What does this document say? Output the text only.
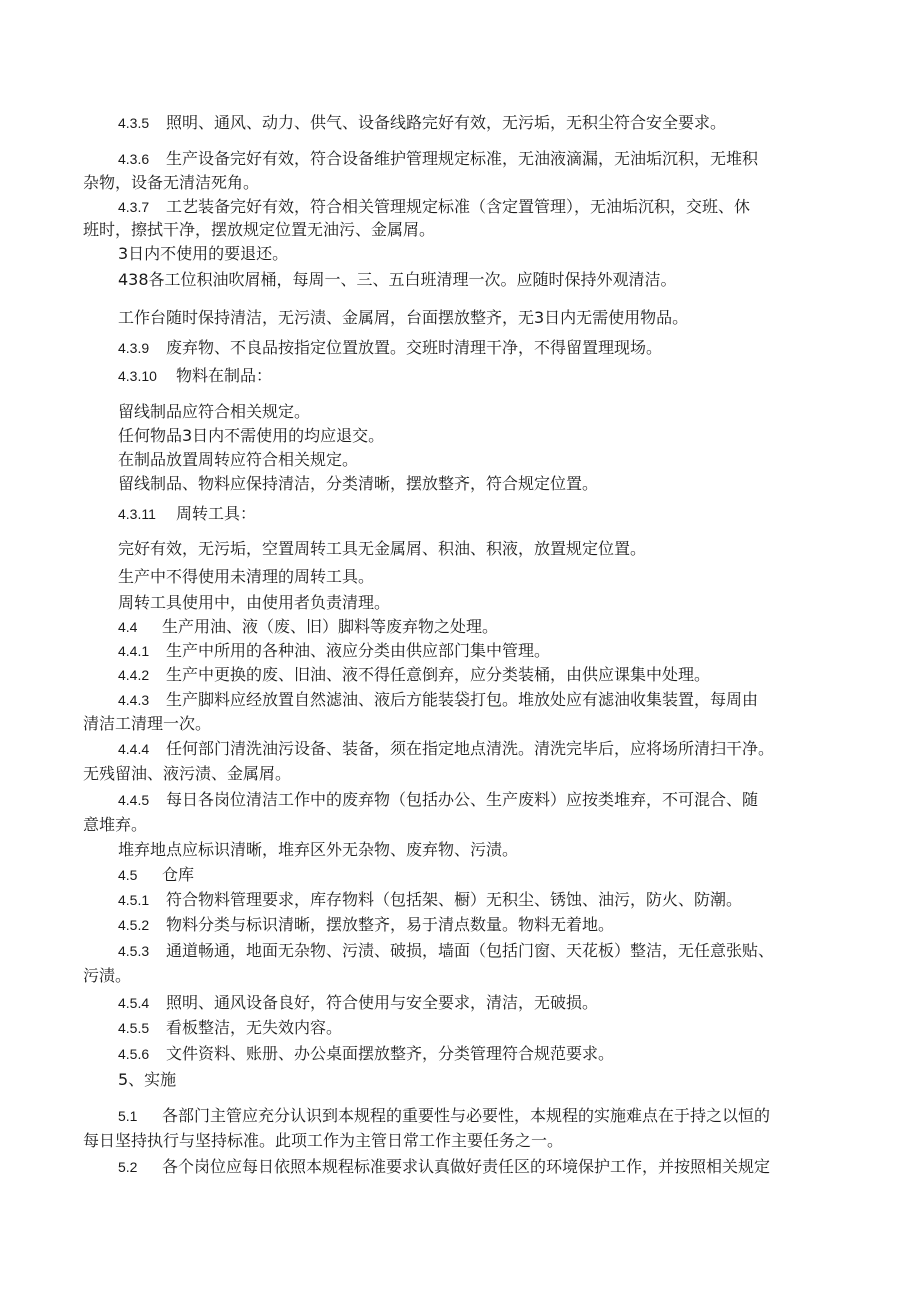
4.3.5 照明、通风、动力、供气、设备线路完好有效，无污垢，无积尘符合安全要求。
4.3.6 生产设备完好有效，符合设备维护管理规定标准，无油液滴漏，无油垢沉积，无堆积
杂物，设备无清洁死角。
4.3.7 工艺装备完好有效，符合相关管理规定标准（含定置管理），无油垢沉积，交班、休
班时，擦拭干净，摆放规定位置无油污、金属屑。
3日内不使用的要退还。
438各工位积油吹屑桶，每周一、三、五白班清理一次。应随时保持外观清洁。
工作台随时保持清洁，无污渍、金属屑，台面摆放整齐，无3日内无需使用物品。
4.3.9 废弃物、不良品按指定位置放置。交班时清理干净，不得留置理现场。
4.3.10 物料在制品：
留线制品应符合相关规定。
任何物品3日内不需使用的均应退交。
在制品放置周转应符合相关规定。
留线制品、物料应保持清洁，分类清晰，摆放整齐，符合规定位置。
4.3.11 周转工具：
完好有效，无污垢，空置周转工具无金属屑、积油、积液，放置规定位置。
生产中不得使用未清理的周转工具。
周转工具使用中，由使用者负责清理。
4.4 生产用油、液（废、旧）脚料等废弃物之处理。
4.4.1 生产中所用的各种油、液应分类由供应部门集中管理。
4.4.2 生产中更换的废、旧油、液不得任意倒弃，应分类装桶，由供应课集中处理。
4.4.3 生产脚料应经放置自然滤油、液后方能装袋打包。堆放处应有滤油收集装置，每周由
清洁工清理一次。
4.4.4 任何部门清洗油污设备、装备，须在指定地点清洗。清洗完毕后，应将场所清扫干净。
无残留油、液污渍、金属屑。
4.4.5 每日各岗位清洁工作中的废弃物（包括办公、生产废料）应按类堆弃，不可混合、随
意堆弃。
堆弃地点应标识清晰，堆弃区外无杂物、废弃物、污渍。
4.5 仓库
4.5.1 符合物料管理要求，库存物料（包括架、橱）无积尘、锈蚀、油污，防火、防潮。
4.5.2 物料分类与标识清晰，摆放整齐，易于清点数量。物料无着地。
4.5.3 通道畅通，地面无杂物、污渍、破损，墙面（包括门窗、天花板）整洁，无任意张贴、
污渍。
4.5.4 照明、通风设备良好，符合使用与安全要求，清洁，无破损。
4.5.5 看板整洁，无失效内容。
4.5.6 文件资料、账册、办公桌面摆放整齐，分类管理符合规范要求。
5、实施
5.1 各部门主管应充分认识到本规程的重要性与必要性，本规程的实施难点在于持之以恒的
每日坚持执行与坚持标准。此项工作为主管日常工作主要任务之一。
5.2 各个岗位应每日依照本规程标准要求认真做好责任区的环境保护工作，并按照相关规定
